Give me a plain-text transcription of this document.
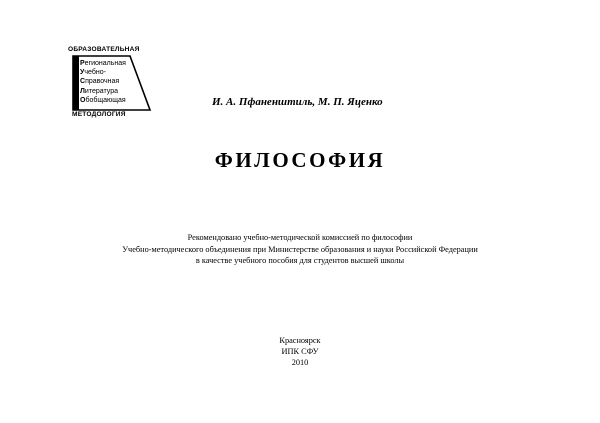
ОБРАЗОВАТЕЛЬНАЯ
Региональная
Учебно-
Справочная
Литература
Обобщающая
МЕТОДОЛОГИЯ
И. А. Пфаненштиль, М. П. Яценко
ФИЛОСОФИЯ
Рекомендовано учебно-методической комиссией по философии
Учебно-методического объединения при Министерстве образования и науки Российской Федерации
в качестве учебного пособия для студентов высшей школы
Красноярск
ИПК СФУ
2010
